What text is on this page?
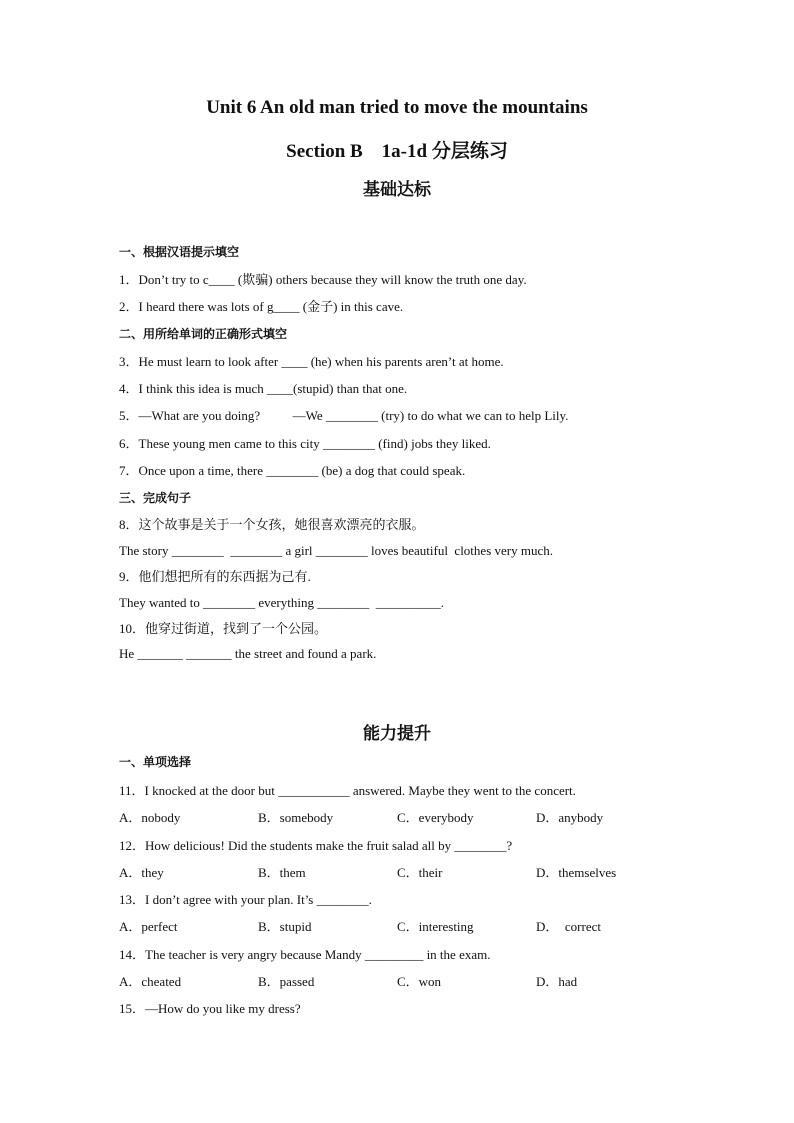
Unit 6 An old man tried to move the mountains
Section B　1a-1d 分层练习
基础达标
一、根据汉语提示填空
1．Don’t try to c____ (欺骗) others because they will know the truth one day.
2．I heard there was lots of g____ (金子) in this cave.
二、用所给单词的正确形式填空
3．He must learn to look after ____ (he) when his parents aren’t at home.
4．I think this idea is much ____(stupid) than that one.
5．—What are you doing?          —We ________ (try) to do what we can to help Lily.
6．These young men came to this city ________ (find) jobs they liked.
7．Once upon a time, there ________ (be) a dog that could speak.
三、完成句子
8．这个故事是关于一个女孩，她很喜欢漂亮的衣服。
The story ________  ________ a girl ________ loves beautiful  clothes very much.
9．他们想把所有的东西据为己有.
They wanted to ________ everything ________  __________.
10．他穿过街道，找到了一个公园。
He _______ _______ the street and found a park.
能力提升
一、单项选择
11．I knocked at the door but ___________ answered. Maybe they went to the concert.
A．nobody	B．somebody	C．everybody	D．anybody
12．How delicious! Did the students make the fruit salad all by ________?
A．they	B．them	C．their	D．themselves
13．I don’t agree with your plan. It’s ________.
A．perfect	B．stupid	C．interesting	D．  correct
14．The teacher is very angry because Mandy _________ in the exam.
A．cheated	B．passed	C．won	D．had
15．—How do you like my dress?
